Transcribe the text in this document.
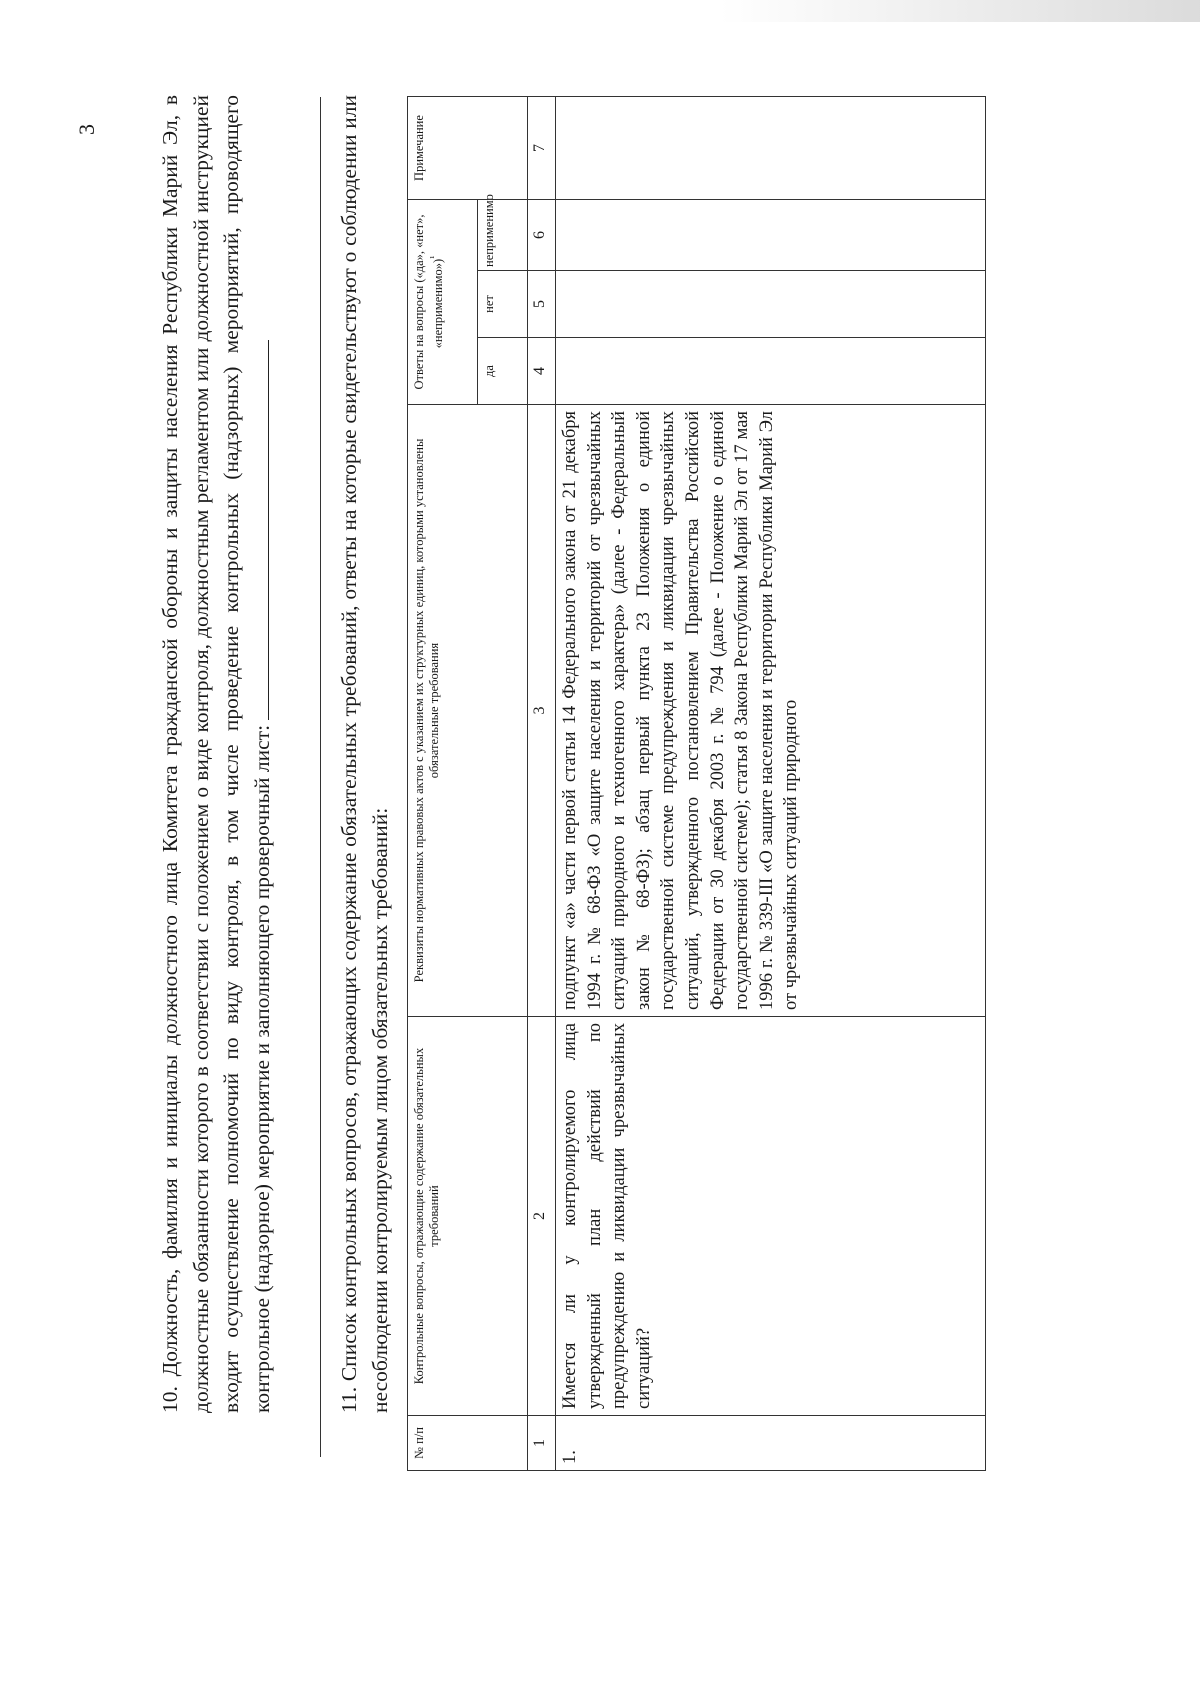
3	10. Должность, фамилия и инициалы должностного лица Комитета гражданской обороны и защиты населения Республики Марий Эл, в должностные обязанности которого в соответствии с положением о виде контроля, должностным регламентом или должностной инструкцией входит осуществление полномочий по виду контроля, в том числе проведение контрольных (надзорных) мероприятий, проводящего контрольное (надзорное) мероприятие и заполняющего проверочный лист:	11. Список контрольных вопросов, отражающих содержание обязательных требований, ответы на которые свидетельствуют о соблюдении или несоблюдении контролируемым лицом обязательных требований:

№ п/п
Контрольные вопросы, отражающие содержание обязательных требований
Реквизиты нормативных правовых актов с указанием их структурных единиц, которыми установлены обязательные требования
Ответы на вопросы («да», «нет», «неприменимо»)$^{^1}$
да
нет
неприменимо
Примечание
1
2
3
4
5
6
7
1.
Имеется ли у контролируемого лица утвержденный план действий по предупреждению и ликвидации чрезвычайных ситуаций?
подпункт «а» части первой статьи 14 Федерального закона от 21 декабря 1994 г. № 68-ФЗ «О защите населения и территорий от чрезвычайных ситуаций природного и техногенного характера» (далее - Федеральный закон № 68-ФЗ); абзац первый пункта 23 Положения о единой государственной системе предупреждения и ликвидации чрезвычайных ситуаций, утвержденного постановлением Правительства Российской Федерации от 30 декабря 2003 г. № 794 (далее - Положение о единой государственной системе); статья 8 Закона Республики Марий Эл от 17 мая 1996 г. № 339-III «О защите населения и территории Республики Марий Эл от чрезвычайных ситуаций природного
